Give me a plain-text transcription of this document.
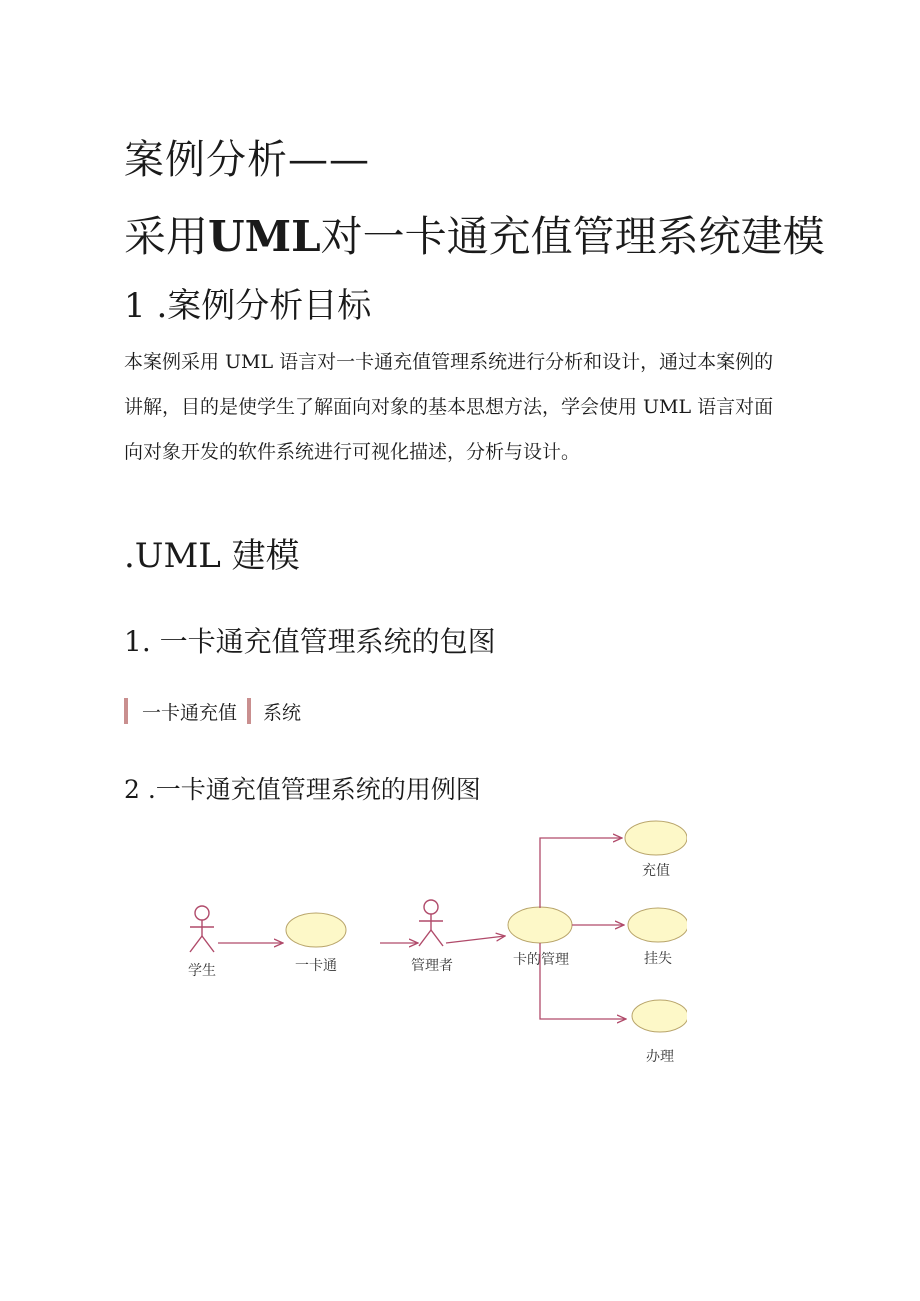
案例分析——
采用UML对一卡通充值管理系统建模
1 .案例分析目标

本案例采用 UML 语言对一卡通充值管理系统进行分析和设计，通过本案例的

讲解，目的是使学生了解面向对象的基本思想方法，学会使用 UML 语言对面

向对象开发的软件系统进行可视化描述，分析与设计。

.UML 建模
1. 一卡通充值管理系统的包图
一卡通充值 系统
2 .一卡通充值管理系统的用例图
学生	一卡通	管理者	卡的管理
充值
挂失
办理
